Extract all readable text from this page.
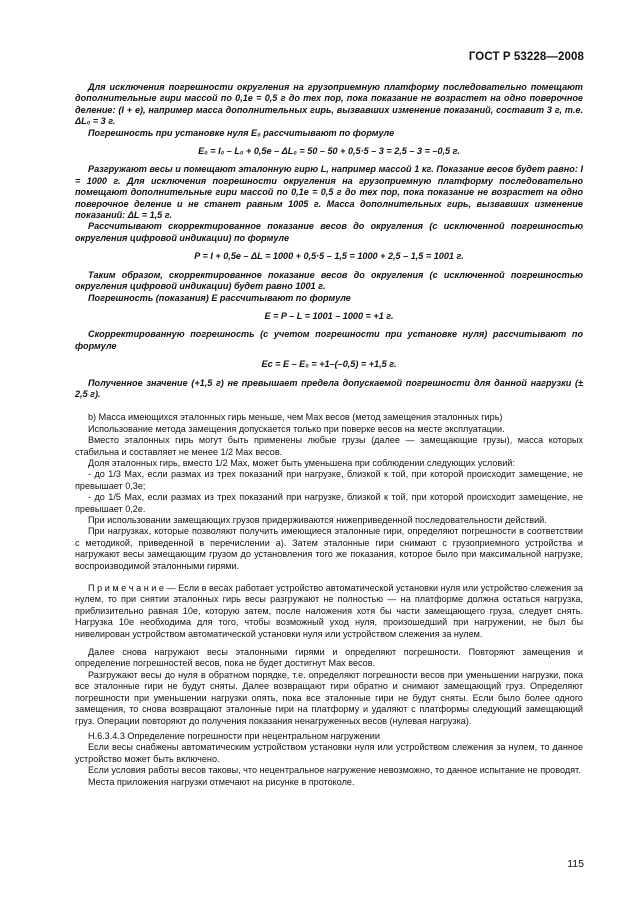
ГОСТ Р 53228—2008

Для исключения погрешности округления на грузоприемную платформу последовательно помещают дополнительные гири массой по 0,1е = 0,5 г до тех пор, пока показание не возрастет на одно поверочное деление: (I + е), например масса дополнительных гирь, вызвавших изменение показаний, составит 3 г, т.е. ΔL₀ = 3 г.

Погрешность при установке нуля E₀ рассчитывают по формуле

E₀ = I₀ – L₀ + 0,5е – ΔL₀ = 50 – 50 + 0,5·5 – 3 = 2,5 – 3 = –0,5 г.

Разгружают весы и помещают эталонную гирю L, например массой 1 кг. Показание весов будет равно: I = 1000 г. Для исключения погрешности округления на грузоприемную платформу последовательно помещают дополнительные гири массой по 0,1е = 0,5 г до тех пор, пока показание не возрастет на одно поверочное деление и не станет равным 1005 г. Масса дополнительных гирь, вызвавших изменение показаний: ΔL = 1,5 г.

Рассчитывают скорректированное показание весов до округления (с исключенной погрешностью округления цифровой индикации) по формуле

P = I + 0,5е – ΔL = 1000 + 0,5·5 – 1,5 = 1000 + 2,5 – 1,5 = 1001 г.

Таким образом, скорректированное показание весов до округления (с исключенной погрешностью округления цифровой индикации) будет равно 1001 г.

Погрешность (показания) E рассчитывают по формуле

E = P – L = 1001 – 1000 = +1 г.

Скорректированную погрешность (с учетом погрешности при установке нуля) рассчитывают по формуле

Ec = E – E₀ = +1–(–0,5) = +1,5 г.

Полученное значение (+1,5 г) не превышает предела допускаемой погрешности для данной нагрузки (± 2,5 г).

b) Масса имеющихся эталонных гирь меньше, чем Max весов (метод замещения эталонных гирь)

Использование метода замещения допускается только при поверке весов на месте эксплуатации.

Вместо эталонных гирь могут быть применены любые грузы (далее — замещающие грузы), масса которых стабильна и составляет не менее 1/2 Max весов.

Доля эталонных гирь, вместо 1/2 Max, может быть уменьшена при соблюдении следующих условий:

- до 1/3 Max, если размах из трех показаний при нагрузке, близкой к той, при которой происходит замещение, не превышает 0,3е;

- до 1/5 Max, если размах из трех показаний при нагрузке, близкой к той, при которой происходит замещение, не превышает 0,2е.

При использовании замещающих грузов придерживаются нижеприведенной последовательности действий.

При нагрузках, которые позволяют получить имеющиеся эталонные гири, определяют погрешности в соответствии с методикой, приведенной в перечислении а). Затем эталонные гири снимают с грузоприемного устройства и нагружают весы замещающим грузом до установления того же показания, которое было при максимальной нагрузке, воспроизводимой эталонными гирями.

П р и м е ч а н и е — Если в весах работает устройство автоматической установки нуля или устройство слежения за нулем, то при снятии эталонных гирь весы разгружают не полностью — на платформе должна остаться нагрузка, приблизительно равная 10е, которую затем, после наложения хотя бы части замещающего груза, следует снять. Нагрузка 10е необходима для того, чтобы возможный уход нуля, произошедший при нагружении, не был бы нивелирован устройством автоматической установки нуля или устройством слежения за нулем.

Далее снова нагружают весы эталонными гирями и определяют погрешности. Повторяют замещения и определение погрешностей весов, пока не будет достигнут Max весов.

Разгружают весы до нуля в обратном порядке, т.е. определяют погрешности весов при уменьшении нагрузки, пока все эталонные гири не будут сняты. Далее возвращают гири обратно и снимают замещающий груз. Определяют погрешности при уменьшении нагрузки опять, пока все эталонные гири не будут сняты. Если было более одного замещения, то снова возвращают эталонные гири на платформу и удаляют с платформы следующий замещающий груз. Операции повторяют до получения показания ненагруженных весов (нулевая нагрузка).

Н.6.3.4.3 Определение погрешности при нецентральном нагружении

Если весы снабжены автоматическим устройством установки нуля или устройством слежения за нулем, то данное устройство может быть включено.

Если условия работы весов таковы, что нецентральное нагружение невозможно, то данное испытание не проводят.

Места приложения нагрузки отмечают на рисунке в протоколе.

115
